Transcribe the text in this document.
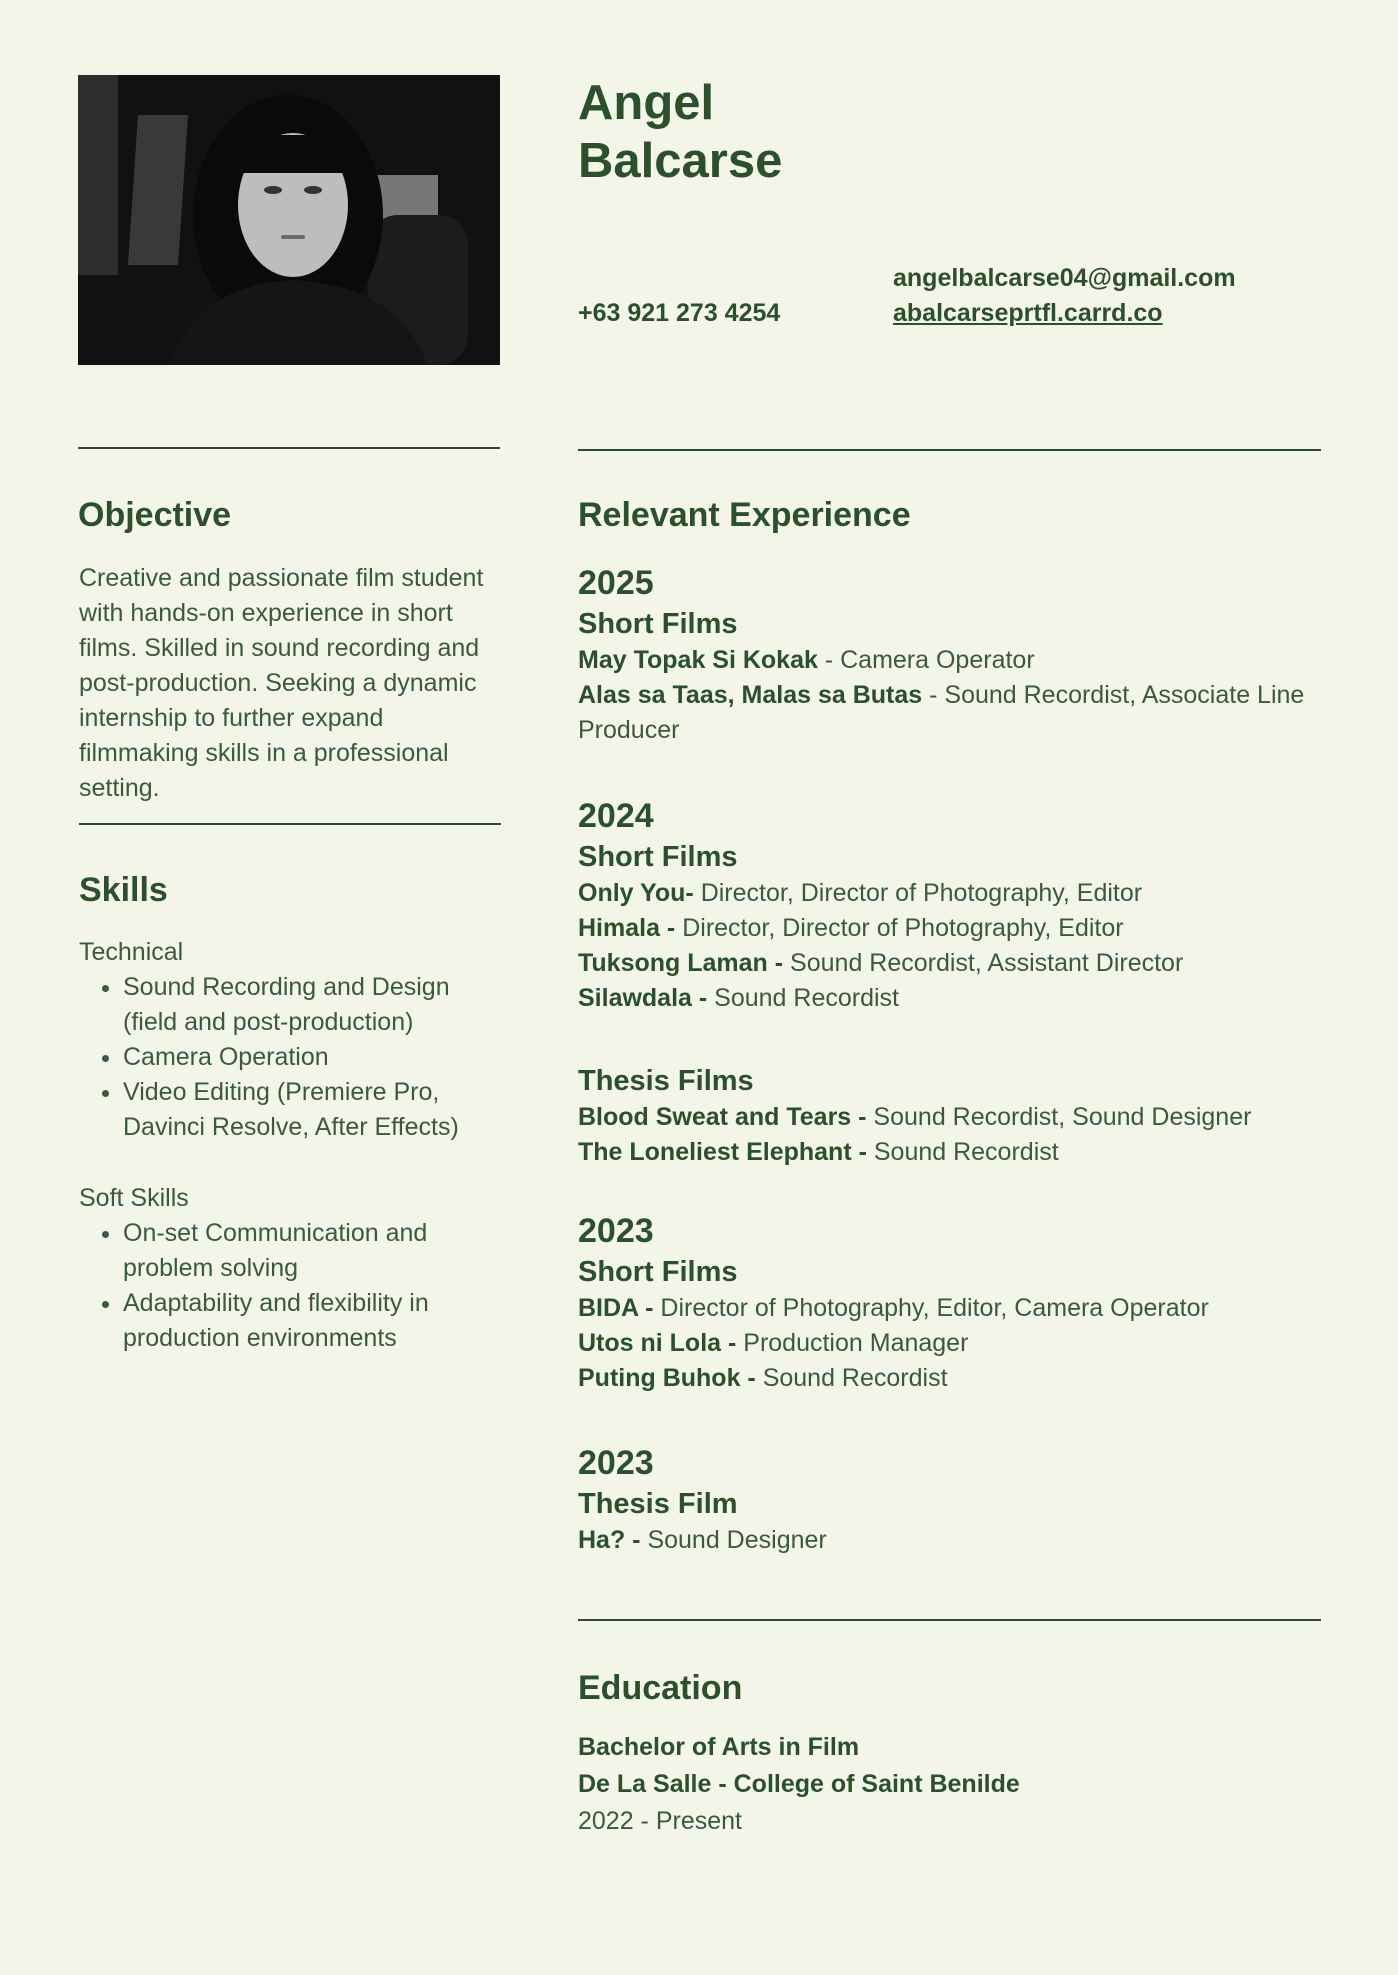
Angel
Balcarse
+63 921 273 4254
angelbalcarse04@gmail.com
abalcarseprtfl.carrd.co
Objective
Creative and passionate film student with hands-on experience in short films. Skilled in sound recording and post-production. Seeking a dynamic internship to further expand filmmaking skills in a professional setting.
Skills
Technical
• Sound Recording and Design (field and post-production)
• Camera Operation
• Video Editing (Premiere Pro, Davinci Resolve, After Effects)
Soft Skills
• On-set Communication and problem solving
• Adaptability and flexibility in production environments
Relevant Experience
2025
Short Films
May Topak Si Kokak - Camera Operator
Alas sa Taas, Malas sa Butas - Sound Recordist, Associate Line Producer
2024
Short Films
Only You- Director, Director of Photography, Editor
Himala - Director, Director of Photography, Editor
Tuksong Laman - Sound Recordist, Assistant Director
Silawdala - Sound Recordist
Thesis Films
Blood Sweat and Tears - Sound Recordist, Sound Designer
The Loneliest Elephant - Sound Recordist
2023
Short Films
BIDA - Director of Photography, Editor, Camera Operator
Utos ni Lola - Production Manager
Puting Buhok - Sound Recordist
2023
Thesis Film
Ha? - Sound Designer
Education
Bachelor of Arts in Film
De La Salle - College of Saint Benilde
2022 - Present
